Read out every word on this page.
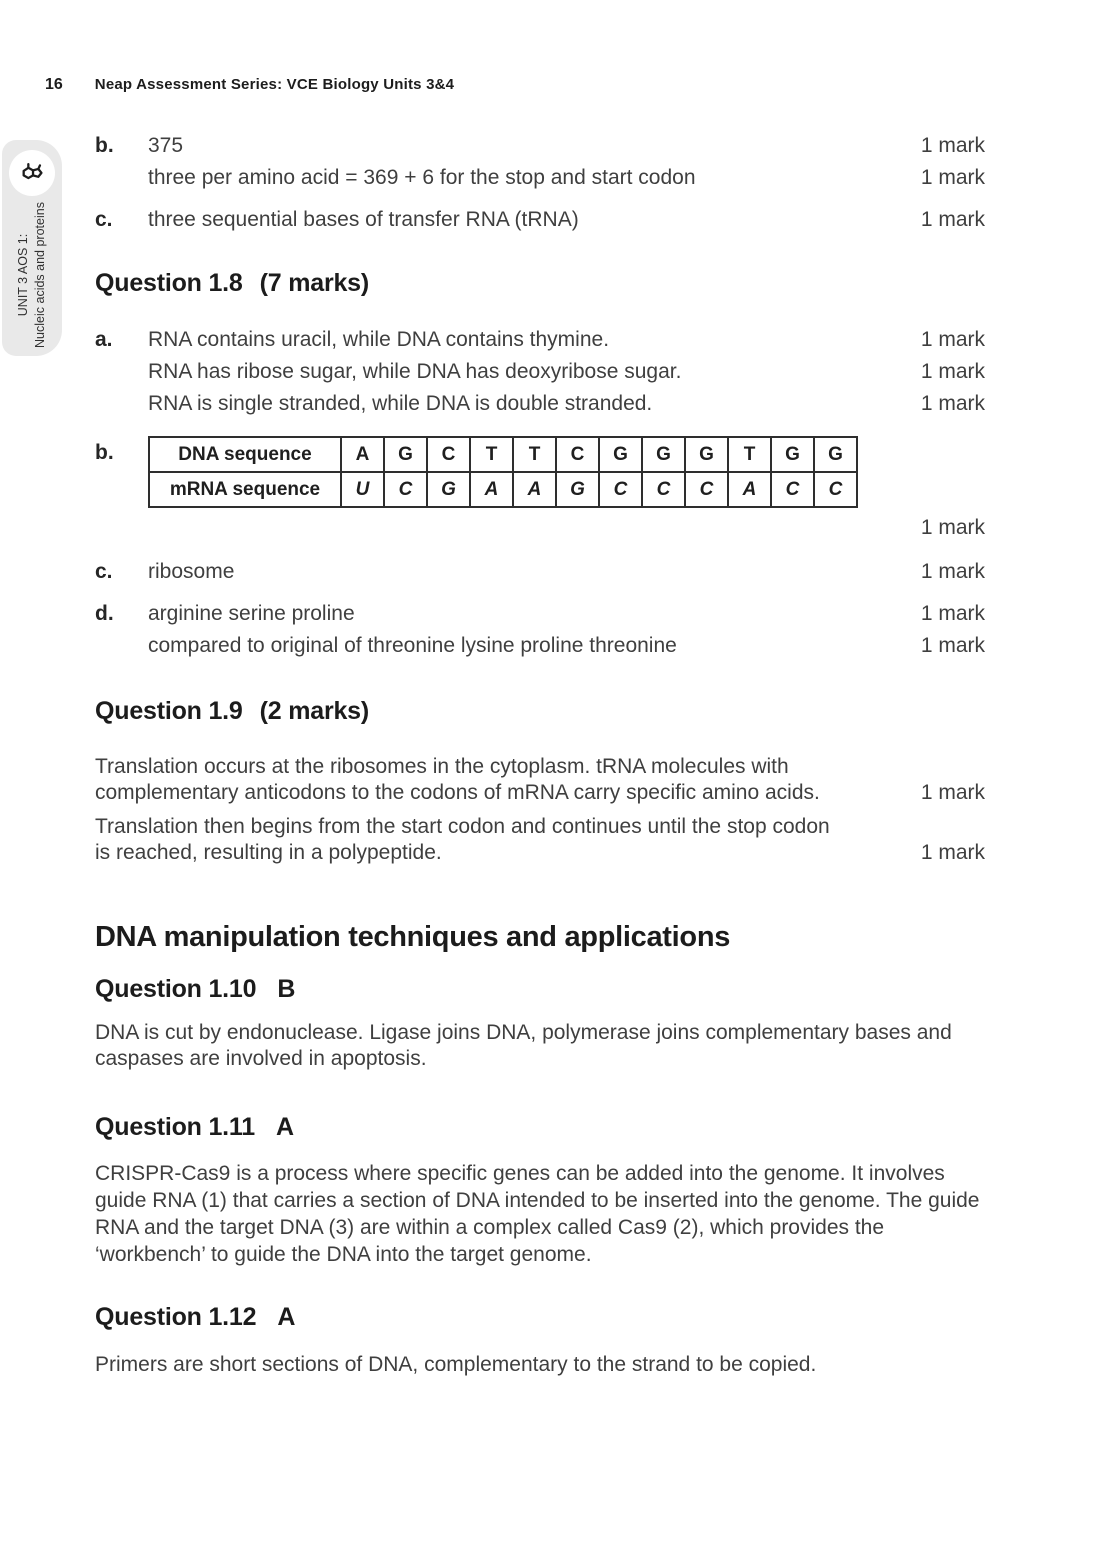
16 Neap Assessment Series: VCE Biology Units 3&4
UNIT 3 AOS 1: Nucleic acids and proteins
b.	375	1 mark
three per amino acid = 369 + 6 for the stop and start codon	1 mark
c.	three sequential bases of transfer RNA (tRNA)	1 mark
Question 1.8 (7 marks)
a.	RNA contains uracil, while DNA contains thymine.	1 mark
RNA has ribose sugar, while DNA has deoxyribose sugar.	1 mark
RNA is single stranded, while DNA is double stranded.	1 mark
b.	DNA sequence	A	G	C	T	T	C	G	G	G	T	G	G
mRNA sequence	U	C	G	A	A	G	C	C	C	A	C	C
1 mark
c.	ribosome	1 mark
d.	arginine serine proline	1 mark
compared to original of threonine lysine proline threonine	1 mark
Question 1.9 (2 marks)

Translation occurs at the ribosomes in the cytoplasm. tRNA molecules with complementary anticodons to the codons of mRNA carry specific amino acids.	1 mark

Translation then begins from the start codon and continues until the stop codon is reached, resulting in a polypeptide.	1 mark
DNA manipulation techniques and applications
Question 1.10 B

DNA is cut by endonuclease. Ligase joins DNA, polymerase joins complementary bases and caspases are involved in apoptosis.

Question 1.11 A

CRISPR-Cas9 is a process where specific genes can be added into the genome. It involves guide RNA (1) that carries a section of DNA intended to be inserted into the genome. The guide RNA and the target DNA (3) are within a complex called Cas9 (2), which provides the ‘workbench’ to guide the DNA into the target genome.

Question 1.12 A

Primers are short sections of DNA, complementary to the strand to be copied.
